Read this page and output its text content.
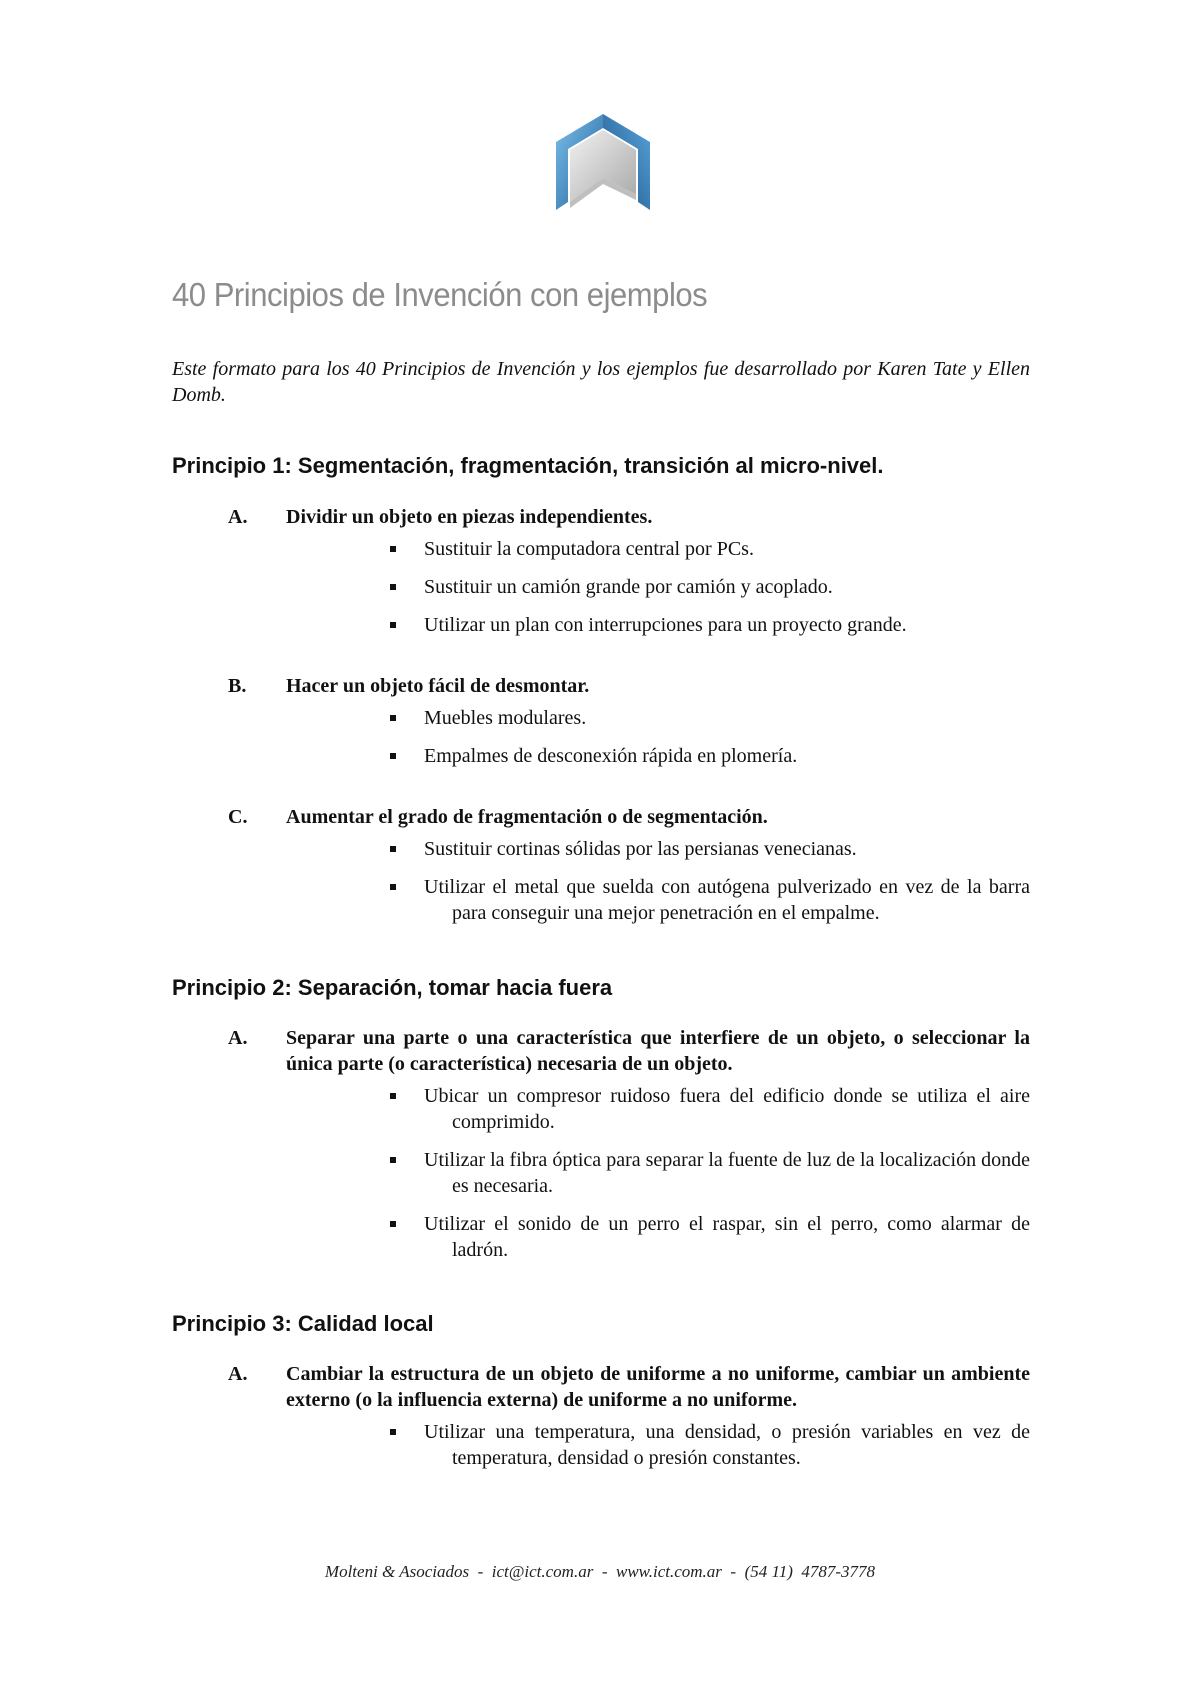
40 Principios de Invención con ejemplos

Este formato para los 40 Principios de Invención y los ejemplos fue desarrollado por Karen Tate y Ellen Domb.

Principio 1: Segmentación, fragmentación, transición al micro-nivel.
A. Dividir un objeto en piezas independientes.
Sustituir la computadora central por PCs.
Sustituir un camión grande por camión y acoplado.
Utilizar un plan con interrupciones para un proyecto grande.
B. Hacer un objeto fácil de desmontar.
Muebles modulares.
Empalmes de desconexión rápida en plomería.
C. Aumentar el grado de fragmentación o de segmentación.
Sustituir cortinas sólidas por las persianas venecianas.
Utilizar el metal que suelda con autógena pulverizado en vez de la barra para conseguir una mejor penetración en el empalme.
Principio 2: Separación, tomar hacia fuera
A. Separar una parte o una característica que interfiere de un objeto, o seleccionar la única parte (o característica) necesaria de un objeto.
Ubicar un compresor ruidoso fuera del edificio donde se utiliza el aire comprimido.
Utilizar la fibra óptica para separar la fuente de luz de la localización donde es necesaria.
Utilizar el sonido de un perro el raspar, sin el perro, como alarmar de ladrón.
Principio 3: Calidad local
A. Cambiar la estructura de un objeto de uniforme a no uniforme, cambiar un ambiente externo (o la influencia externa) de uniforme a no uniforme.
Utilizar una temperatura, una densidad, o presión variables en vez de temperatura, densidad o presión constantes.
Molteni & Asociados  -  ict@ict.com.ar  -  www.ict.com.ar  -  (54 11)  4787-3778
